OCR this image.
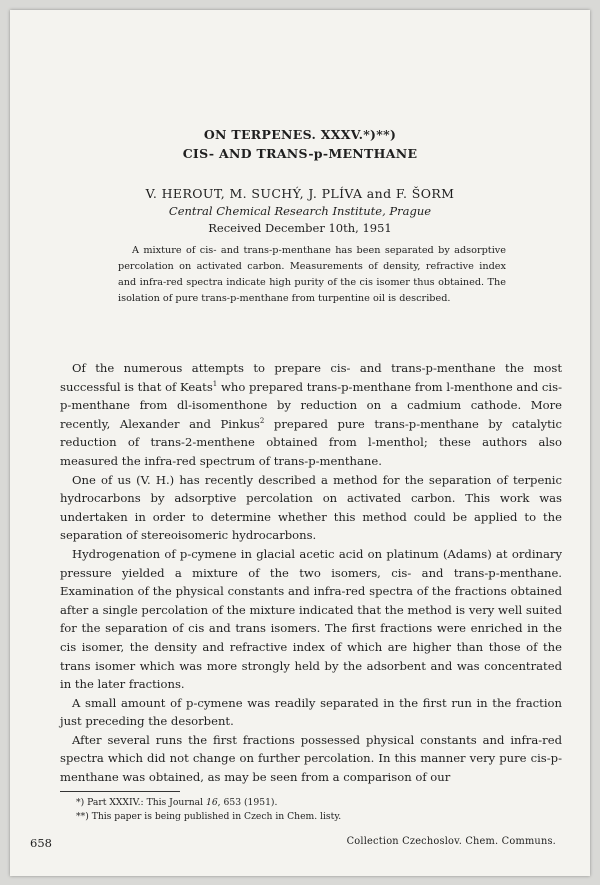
ON TERPENES. XXXV.*)**)
CIS- AND TRANS-p-MENTHANE
V. HEROUT, M. SUCHÝ, J. PLÍVA and F. ŠORM
Central Chemical Research Institute, Prague
Received December 10th, 1951

A mixture of cis- and trans-p-menthane has been separated by adsorptive percolation on activated carbon. Measurements of density, refractive index and infra-red spectra indicate high purity of the cis isomer thus obtained. The isolation of pure trans-p-menthane from turpentine oil is described.

Of the numerous attempts to prepare cis- and trans-p-menthane the most successful is that of Keats$^1$ who prepared trans-p-menthane from l-menthone and cis-p-menthane from dl-isomenthone by reduction on a cadmium cathode. More recently, Alexander and Pinkus$^2$ prepared pure trans-p-menthane by catalytic reduction of trans-2-menthene obtained from l-menthol; these authors also measured the infra-red spectrum of trans-p-menthane.

One of us (V. H.) has recently described a method for the separation of terpenic hydrocarbons by adsorptive percolation on activated carbon. This work was undertaken in order to determine whether this method could be applied to the separation of stereoisomeric hydrocarbons.

Hydrogenation of p-cymene in glacial acetic acid on platinum (Adams) at ordinary pressure yielded a mixture of the two isomers, cis- and trans-p-menthane. Examination of the physical constants and infra-red spectra of the fractions obtained after a single percolation of the mixture indicated that the method is very well suited for the separation of cis and trans isomers. The first fractions were enriched in the cis isomer, the density and refractive index of which are higher than those of the trans isomer which was more strongly held by the adsorbent and was concentrated in the later fractions.

A small amount of p-cymene was readily separated in the first run in the fraction just preceding the desorbent.

After several runs the first fractions possessed physical constants and infra-red spectra which did not change on further percolation. In this manner very pure cis-p-menthane was obtained, as may be seen from a comparison of our

*) Part XXXIV.: This Journal 16, 653 (1951).
**) This paper is being published in Czech in Chem. listy.
658	Collection Czechoslov. Chem. Communs.
